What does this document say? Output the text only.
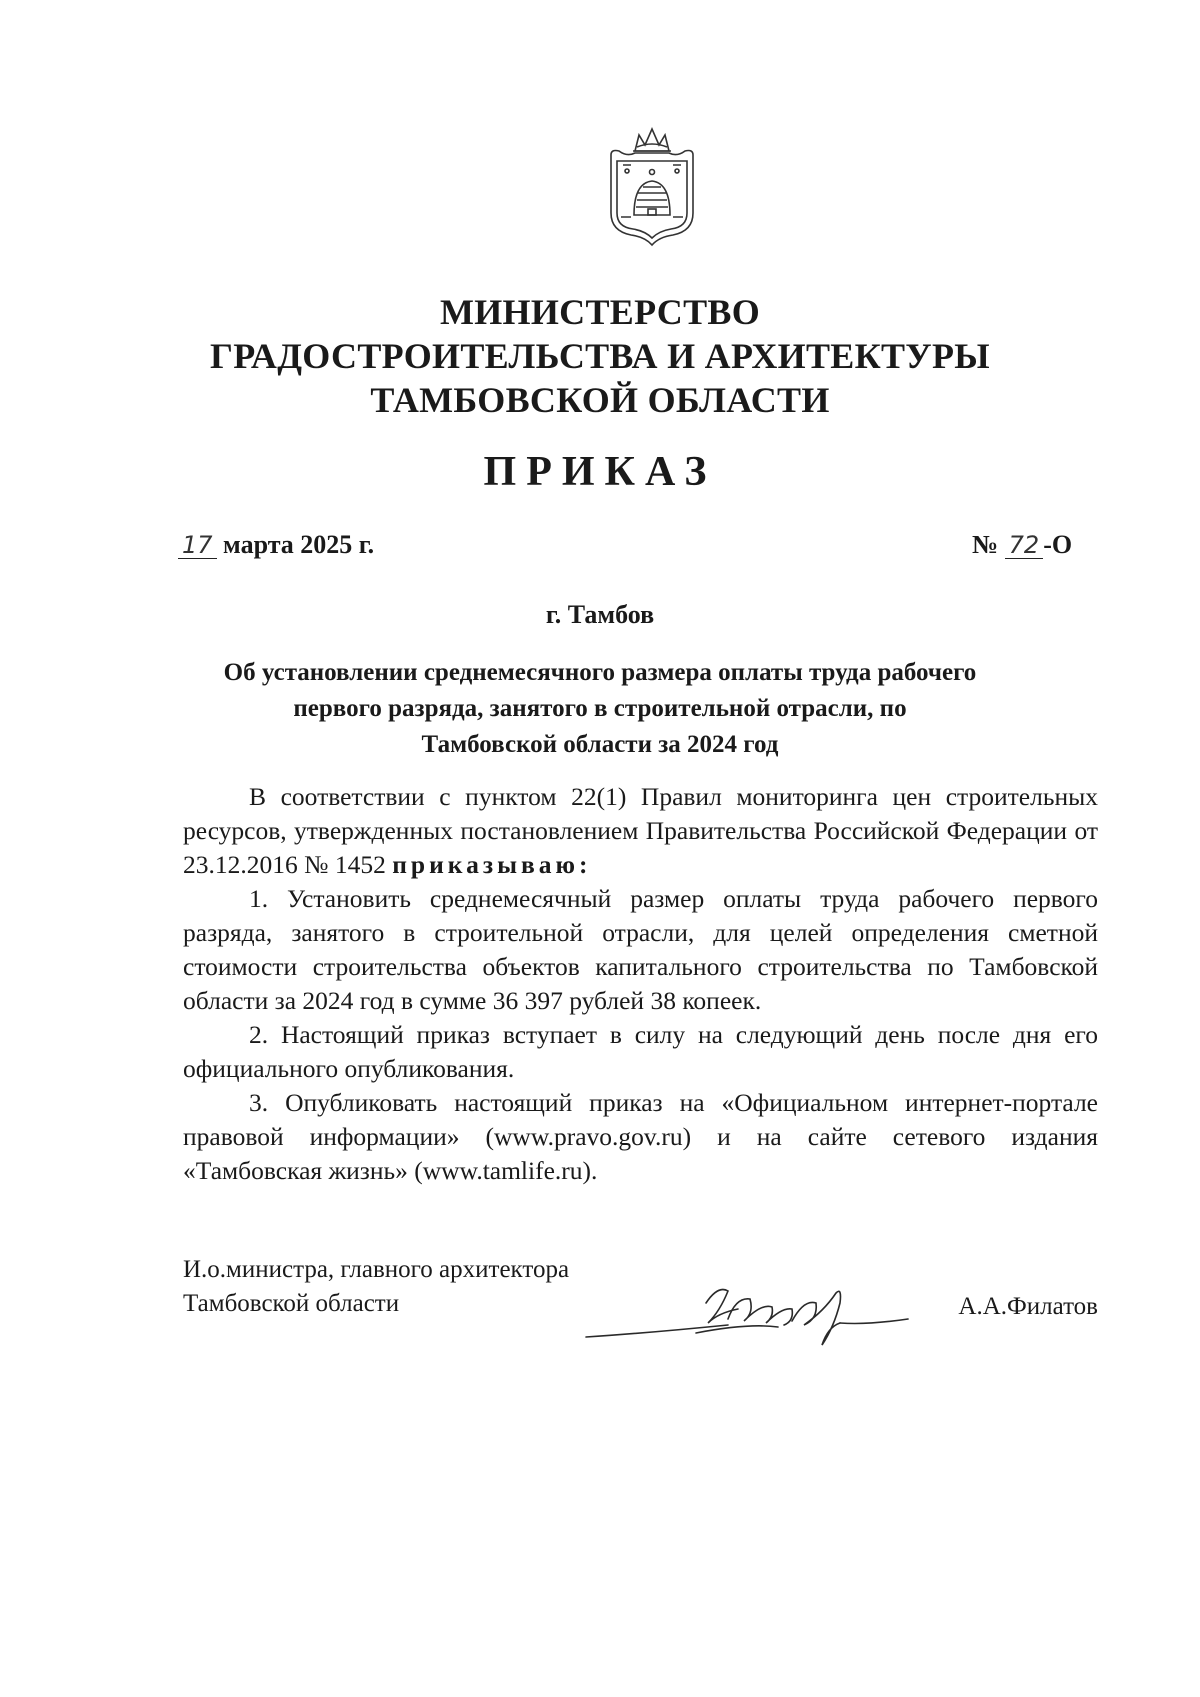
МИНИСТЕРСТВО
ГРАДОСТРОИТЕЛЬСТВА И АРХИТЕКТУРЫ
ТАМБОВСКОЙ ОБЛАСТИ
ПРИКАЗ
17 марта 2025 г.	№ 72 -О
г. Тамбов
Об установлении среднемесячного размера оплаты труда рабочего
первого разряда, занятого в строительной отрасли, по
Тамбовской области за 2024 год

В соответствии с пунктом 22(1) Правил мониторинга цен строительных ресурсов, утвержденных постановлением Правительства Российской Федерации от 23.12.2016 № 1452 приказываю:

1. Установить среднемесячный размер оплаты труда рабочего первого разряда, занятого в строительной отрасли, для целей определения сметной стоимости строительства объектов капитального строительства по Тамбовской области за 2024 год в сумме 36 397 рублей 38 копеек.

2. Настоящий приказ вступает в силу на следующий день после дня его официального опубликования.

3. Опубликовать настоящий приказ на «Официальном интернет-портале правовой информации» (www.pravo.gov.ru) и на сайте сетевого издания «Тамбовская жизнь» (www.tamlife.ru).

И.о.министра, главного архитектора
Тамбовской области	А.А.Филатов
